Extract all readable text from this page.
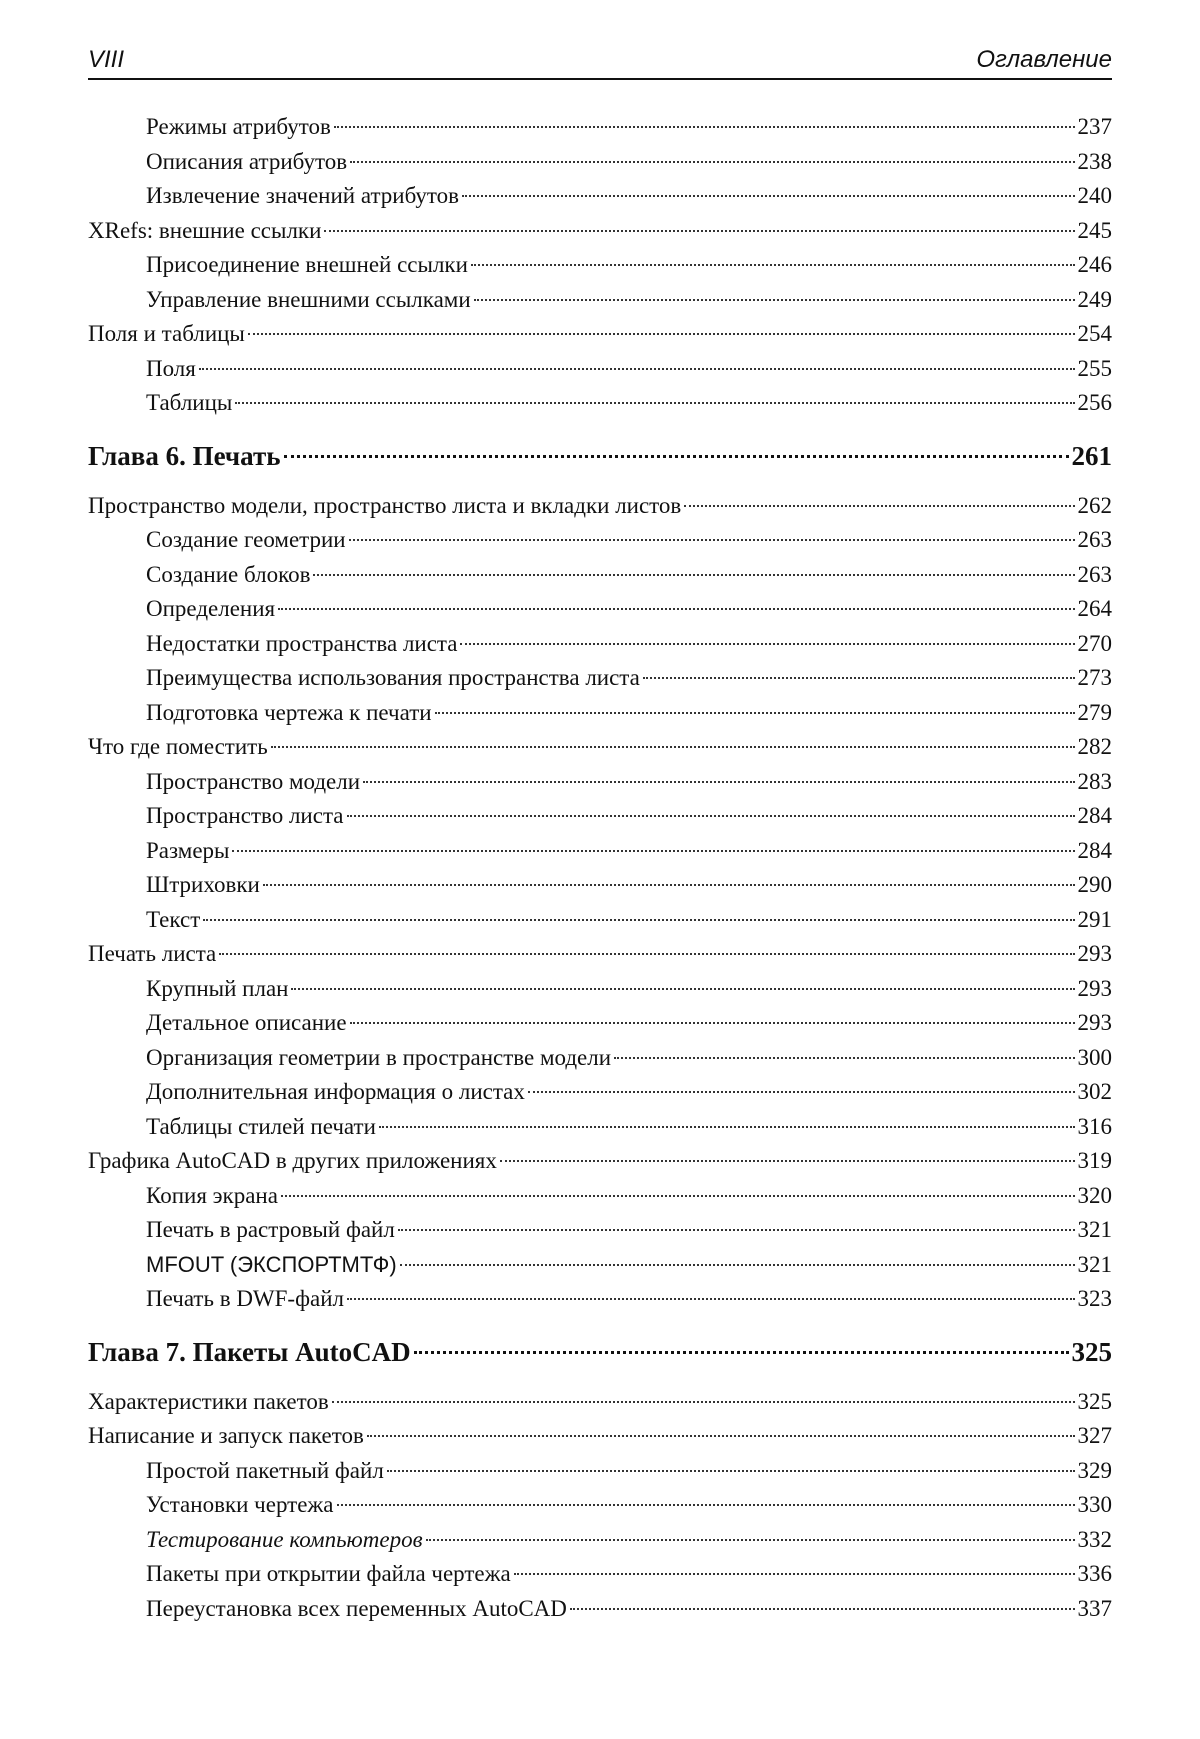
VIII	Оглавление
Режимы атрибутов	237
Описания атрибутов	238
Извлечение значений атрибутов	240
XRefs: внешние ссылки	245
Присоединение внешней ссылки	246
Управление внешними ссылками	249
Поля и таблицы	254
Поля	255
Таблицы	256
Глава 6. Печать	261
Пространство модели, пространство листа и вкладки листов	262
Создание геометрии	263
Создание блоков	263
Определения	264
Недостатки пространства листа	270
Преимущества использования пространства листа	273
Подготовка чертежа к печати	279
Что где поместить	282
Пространство модели	283
Пространство листа	284
Размеры	284
Штриховки	290
Текст	291
Печать листа	293
Крупный план	293
Детальное описание	293
Организация геометрии в пространстве модели	300
Дополнительная информация о листах	302
Таблицы стилей печати	316
Графика AutoCAD в других приложениях	319
Копия экрана	320
Печать в растровый файл	321
MFOUT (ЭКСПОРТМТФ)	321
Печать в DWF-файл	323
Глава 7. Пакеты AutoCAD	325
Характеристики пакетов	325
Написание и запуск пакетов	327
Простой пакетный файл	329
Установки чертежа	330
Тестирование компьютеров	332
Пакеты при открытии файла чертежа	336
Переустановка всех переменных AutoCAD	337
